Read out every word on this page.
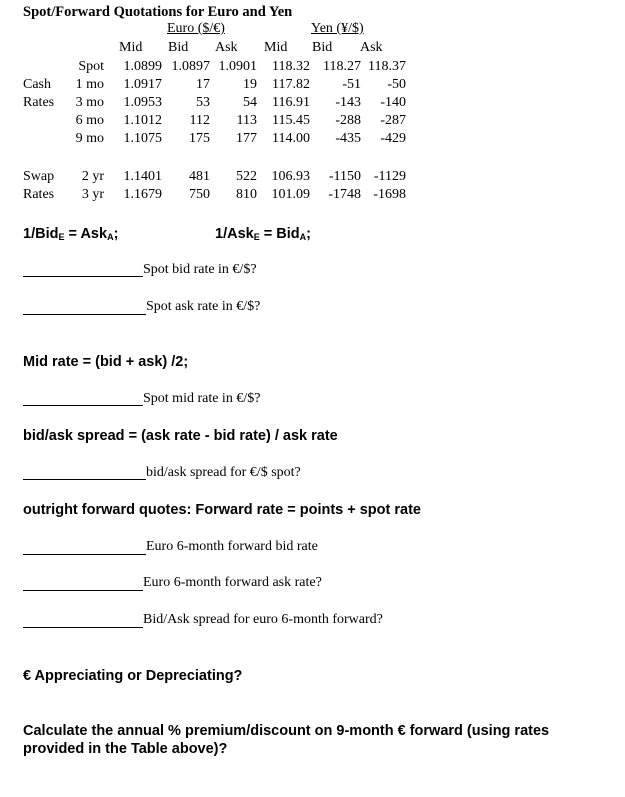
Spot/Forward Quotations for Euro and Yen
Euro ($/€)	Yen (¥/$)
Mid Bid Ask Mid Bid Ask
Spot 1.0899 1.0897 1.0901 118.32 118.27 118.37
Cash 1 mo 1.0917 17 19 117.82 -51 -50
Rates 3 mo 1.0953 53 54 116.91 -143 -140
6 mo 1.1012 112 113 115.45 -288 -287
9 mo 1.1075 175 177 114.00 -435 -429
Swap 2 yr 1.1401 481 522 106.93 -1150 -1129
Rates 3 yr 1.1679 750 810 101.09 -1748 -1698
1/Bid$_E$ = Ask$_A$;	1/Ask$_E$ = Bid$_A$;
Spot bid rate in €/$?
Spot ask rate in €/$?
Mid rate = (bid + ask) /2;
Spot mid rate in €/$?
bid/ask spread = (ask rate - bid rate) / ask rate
bid/ask spread for €/$ spot?
outright forward quotes: Forward rate = points + spot rate
Euro 6-month forward bid rate
Euro 6-month forward ask rate?
Bid/Ask spread for euro 6-month forward?
€ Appreciating or Depreciating?
Calculate the annual % premium/discount on 9-month € forward (using rates provided in the Table above)?
